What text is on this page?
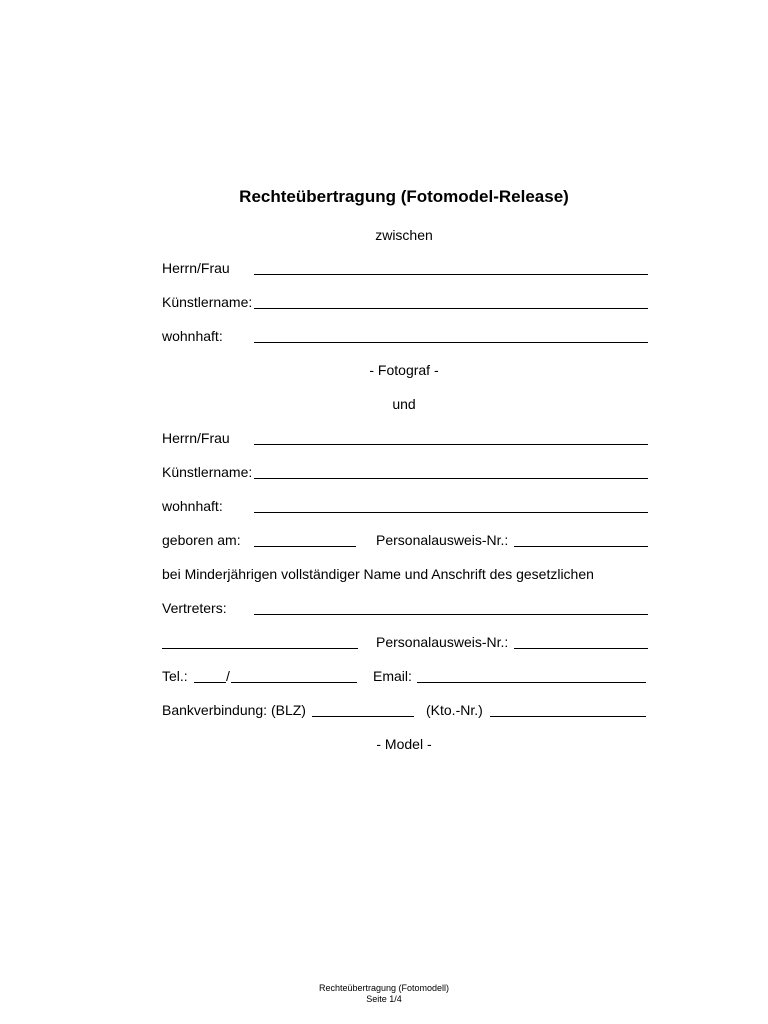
Rechteübertragung (Fotomodel-Release)
zwischen
Herrn/Frau
Künstlername:
wohnhaft:
- Fotograf -
und
Herrn/Frau
Künstlername:
wohnhaft:
geboren am:	Personalausweis-Nr.:
bei Minderjährigen vollständiger Name und Anschrift des gesetzlichen
Vertreters:
Personalausweis-Nr.:
Tel.:	/	Email:
Bankverbindung: (BLZ)	(Kto.-Nr.)
- Model -
Rechteübertragung (Fotomodell)
Seite 1/4
